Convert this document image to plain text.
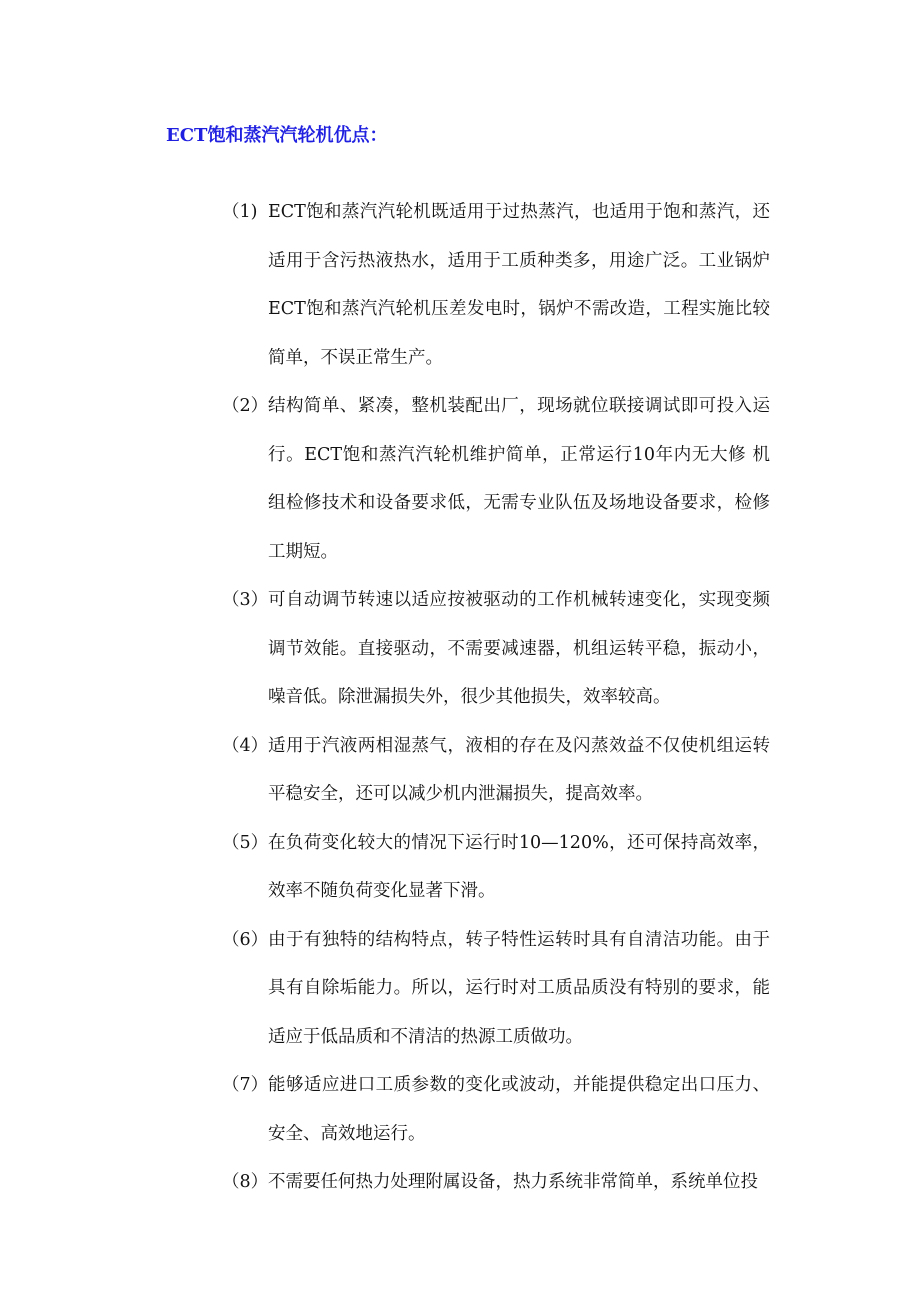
ECT饱和蒸汽汽轮机优点：

（1) ECT饱和蒸汽汽轮机既适用于过热蒸汽，也适用于饱和蒸汽，还适用于含污热液热水，适用于工质种类多，用途广泛。工业锅炉ECT饱和蒸汽汽轮机压差发电时，锅炉不需改造，工程实施比较简单，不误正常生产。

（2） 结构简单、紧凑，整机装配出厂，现场就位联接调试即可投入运行。ECT饱和蒸汽汽轮机维护简单，正常运行10年内无大修 机组检修技术和设备要求低，无需专业队伍及场地设备要求，检修工期短。

（3） 可自动调节转速以适应按被驱动的工作机械转速变化，实现变频调节效能。直接驱动，不需要减速器，机组运转平稳，振动小，噪音低。除泄漏损失外，很少其他损失，效率较高。

（4） 适用于汽液两相湿蒸气，液相的存在及闪蒸效益不仅使机组运转平稳安全，还可以减少机内泄漏损失，提高效率。

（5） 在负荷变化较大的情况下运行时10—120%，还可保持高效率，效率不随负荷变化显著下滑。

（6） 由于有独特的结构特点，转子特性运转时具有自清洁功能。由于具有自除垢能力。所以，运行时对工质品质没有特别的要求，能适应于低品质和不清洁的热源工质做功。

（7） 能够适应进口工质参数的变化或波动，并能提供稳定出口压力、安全、高效地运行。

（8） 不需要任何热力处理附属设备，热力系统非常简单，系统单位投
